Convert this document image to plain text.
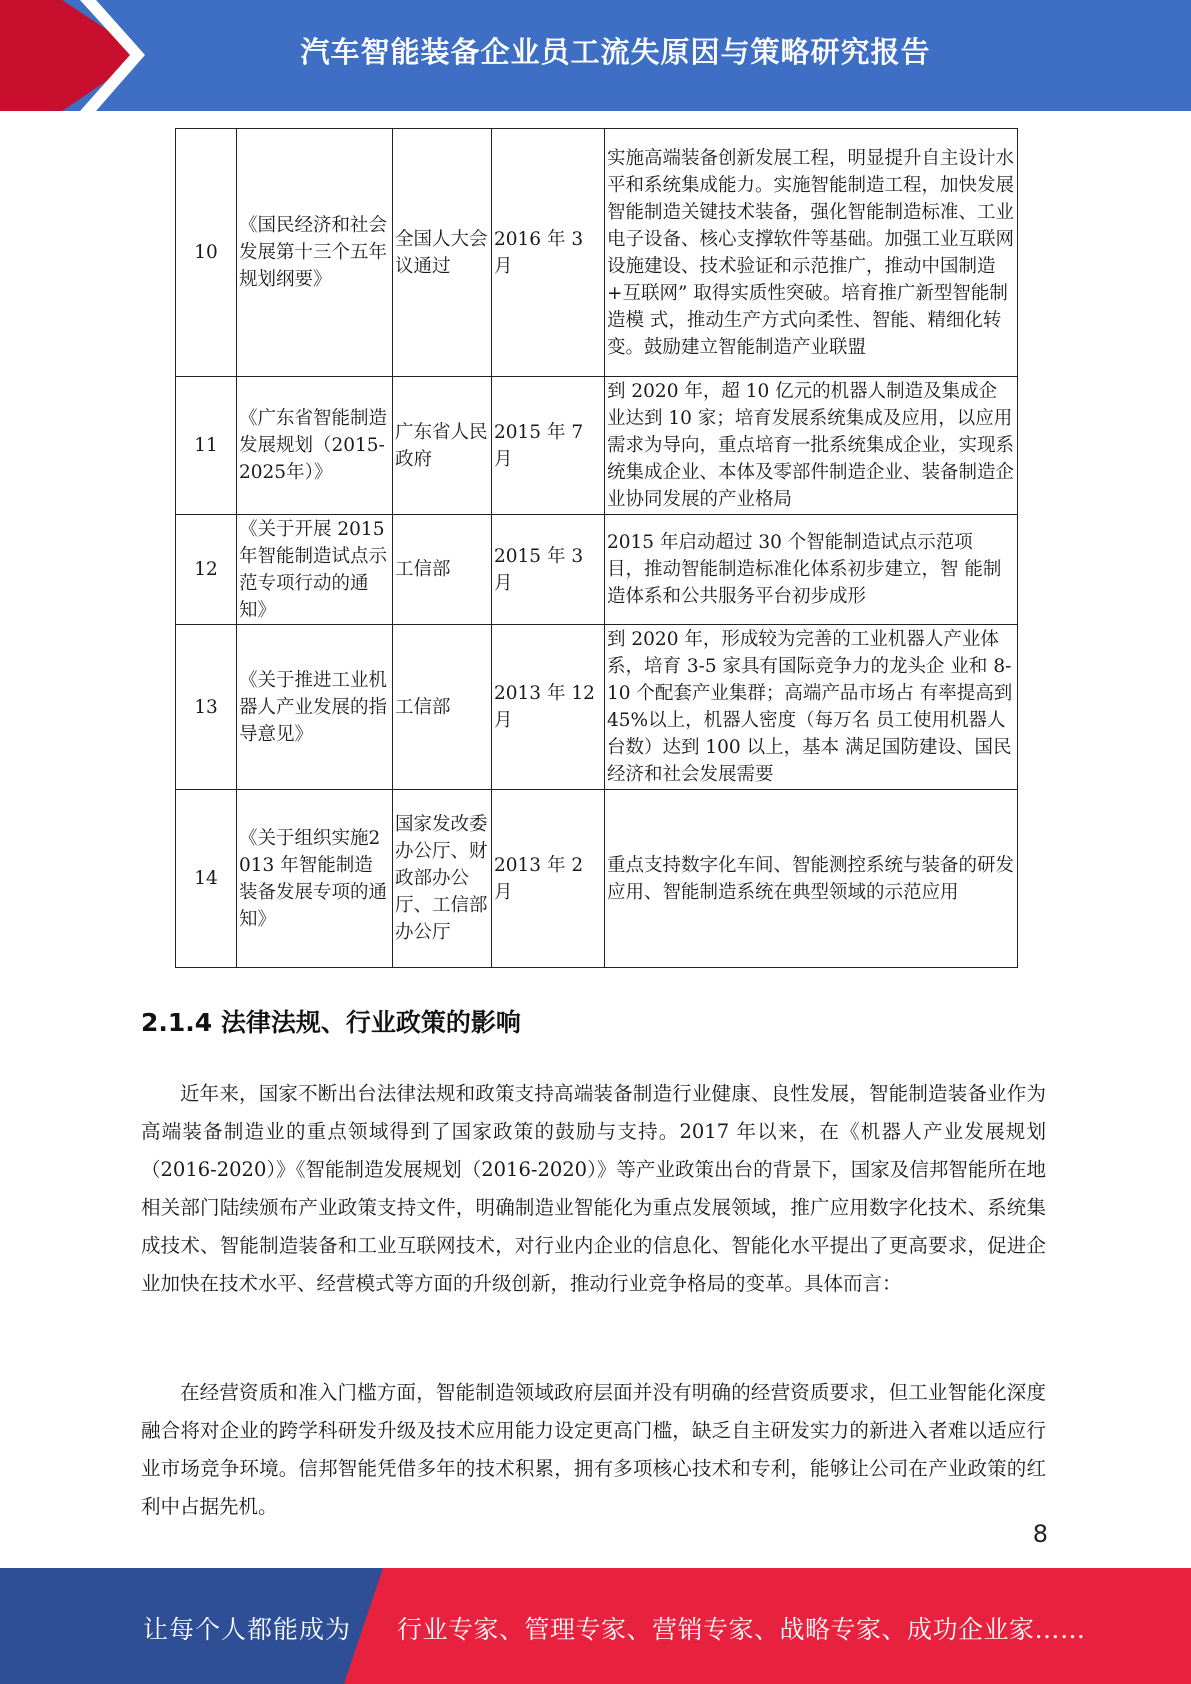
汽车智能装备企业员工流失原因与策略研究报告
10	《国民经济和社会发展第十三个五年规划纲要》	全国人大会议通过	2016 年 3 月	实施高端装备创新发展工程，明显提升自主设计水平和系统集成能力。实施智能制造工程，加快发展智能制造关键技术装备，强化智能制造标准、工业电子设备、核心支撑软件等基础。加强工业互联网设施建设、技术验证和示范推广，推动中国制造+互联网” 取得实质性突破。培育推广新型智能制造模 式，推动生产方式向柔性、智能、精细化转 变。鼓励建立智能制造产业联盟
11	《广东省智能制造发展规划（2015-2025年）》	广东省人民政府	2015 年 7 月	到 2020 年，超 10 亿元的机器人制造及集成企业达到 10 家；培育发展系统集成及应用，以应用需求为导向，重点培育一批系统集成企业，实现系统集成企业、本体及零部件制造企业、装备制造企业协同发展的产业格局
12	《关于开展 2015 年智能制造试点示范专项行动的通知》	工信部	2015 年 3 月	2015 年启动超过 30 个智能制造试点示范项 目，推动智能制造标准化体系初步建立，智 能制造体系和公共服务平台初步成形
13	《关于推进工业机器人产业发展的指导意见》	工信部	2013 年 12 月	到 2020 年，形成较为完善的工业机器人产业体系，培育 3-5 家具有国际竞争力的龙头企 业和 8-10 个配套产业集群；高端产品市场占 有率提高到 45%以上，机器人密度（每万名 员工使用机器人台数）达到 100 以上，基本 满足国防建设、国民经济和社会发展需要
14	《关于组织实施2013 年智能制造装备发展专项的通知》	国家发改委办公厅、财政部办公厅、工信部办公厅	2013 年 2 月	重点支持数字化车间、智能测控系统与装备的研发应用、智能制造系统在典型领域的示范应用
2.1.4 法律法规、行业政策的影响

近年来，国家不断出台法律法规和政策支持高端装备制造行业健康、良性发展，智能制造装备业作为高端装备制造业的重点领域得到了国家政策的鼓励与支持。2017 年以来，在《机器人产业发展规划（2016-2020）》《智能制造发展规划（2016-2020）》等产业政策出台的背景下，国家及信邦智能所在地相关部门陆续颁布产业政策支持文件，明确制造业智能化为重点发展领域，推广应用数字化技术、系统集成技术、智能制造装备和工业互联网技术，对行业内企业的信息化、智能化水平提出了更高要求，促进企业加快在技术水平、经营模式等方面的升级创新，推动行业竞争格局的变革。具体而言：

在经营资质和准入门槛方面，智能制造领域政府层面并没有明确的经营资质要求，但工业智能化深度融合将对企业的跨学科研发升级及技术应用能力设定更高门槛，缺乏自主研发实力的新进入者难以适应行业市场竞争环境。信邦智能凭借多年的技术积累，拥有多项核心技术和专利，能够让公司在产业政策的红利中占据先机。

8
让每个人都能成为 行业专家、管理专家、营销专家、战略专家、成功企业家……
